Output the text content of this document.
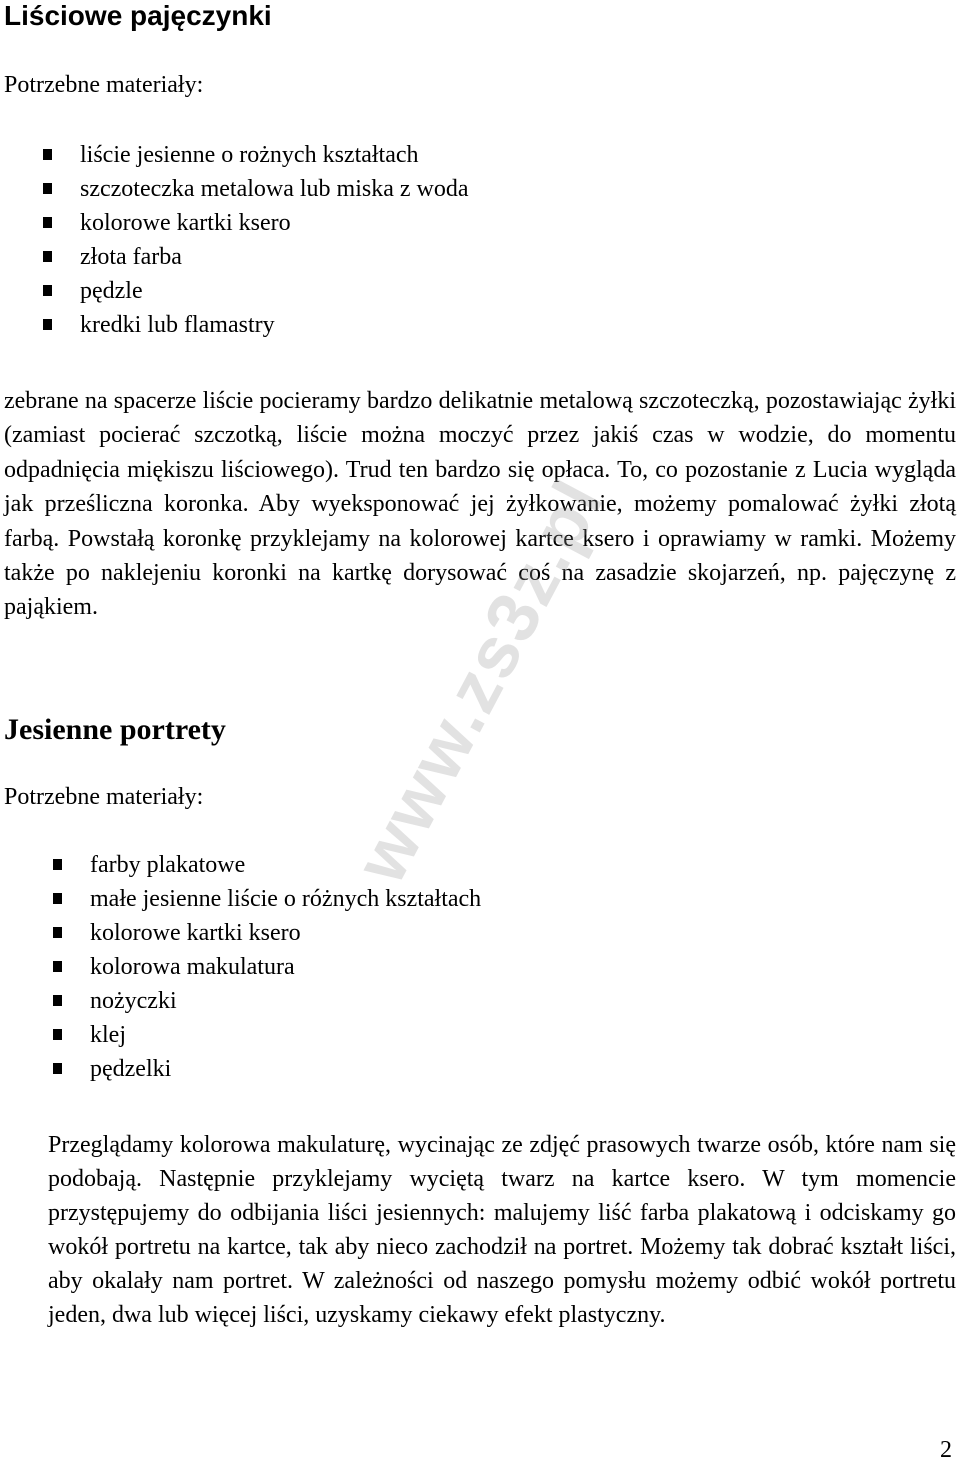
Liściowe pajęczynki

Potrzebne materiały:

liście jesienne o rożnych kształtach
szczoteczka metalowa lub miska z woda
kolorowe kartki ksero
złota farba
pędzle
kredki lub flamastry

zebrane na spacerze liście pocieramy bardzo delikatnie metalową szczoteczką, pozostawiając żyłki (zamiast pocierać szczotką, liście można moczyć przez jakiś czas w wodzie, do momentu odpadnięcia miękiszu liściowego). Trud ten bardzo się opłaca. To, co pozostanie z Lucia wygląda jak prześliczna koronka. Aby wyeksponować jej żyłkowanie, możemy pomalować żyłki złotą farbą. Powstałą koronkę przyklejamy na kolorowej kartce ksero i oprawiamy w ramki. Możemy także po naklejeniu koronki na kartkę dorysować coś na zasadzie skojarzeń, np. pajęczynę z pająkiem.

Jesienne portrety

Potrzebne materiały:

farby plakatowe
małe jesienne liście o różnych kształtach
kolorowe kartki ksero
kolorowa makulatura
nożyczki
klej
pędzelki

Przeglądamy kolorowa makulaturę, wycinając ze zdjęć prasowych twarze osób, które nam się podobają. Następnie przyklejamy wyciętą twarz na kartce ksero. W tym momencie przystępujemy do odbijania liści jesiennych: malujemy liść farba plakatową i odciskamy go wokół portretu na kartce, tak aby nieco zachodził na portret. Możemy tak dobrać kształt liści, aby okalały nam portret. W zależności od naszego pomysłu możemy odbić wokół portretu jeden, dwa lub więcej liści, uzyskamy ciekawy efekt plastyczny.

www.zs3z.pl
2
